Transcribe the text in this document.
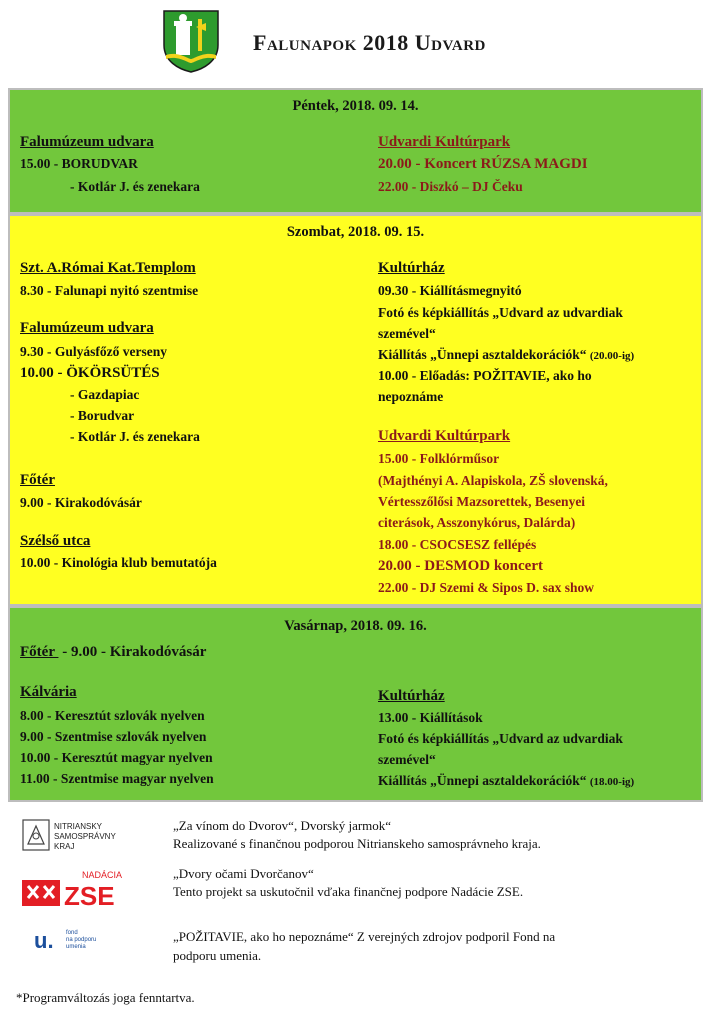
Falunapok 2018 Udvard
Péntek, 2018. 09. 14.
Falumúzeum udvara
15.00 - BORUDVAR
- Kotlár J. és zenekara
Udvardi Kultúrpark
20.00 - Koncert RÚZSA MAGDI
22.00 - Diszkó – DJ Čeku
Szombat, 2018. 09. 15.
Szt. A.Római Kat.Templom
8.30 - Falunapi nyitó szentmise
Falumúzeum udvara
9.30 - Gulyásfőző verseny
10.00 - ÖKÖRSÜTÉS
- Gazdapiac
- Borudvar
- Kotlár J. és zenekara
Főtér
9.00 - Kirakodóvásár
Szélső utca
10.00 - Kinológia klub bemutatója
Kultúrház
09.30 - Kiállításmegnyitó
Fotó és képkiállítás „Udvard az udvardiak
szemével“
Kiállítás „Ünnepi asztaldekorációk“ (20.00-ig)
10.00 - Előadás: POŽITAVIE, ako ho
nepoznáme
Udvardi Kultúrpark
15.00 - Folklórműsor
(Majthényi A. Alapiskola, ZŠ slovenská,
Vértesszőlősi Mazsorettek, Besenyei
citerások, Asszonykórus, Dalárda)
18.00 - CSOCSESZ fellépés
20.00 - DESMOD koncert
22.00 - DJ Szemi & Sipos D. sax show
Vasárnap, 2018. 09. 16.
Főtér  - 9.00 - Kirakodóvásár
Kálvária
8.00 - Keresztút szlovák nyelven
9.00 - Szentmise szlovák nyelven
10.00 - Keresztút magyar nyelven
11.00 - Szentmise magyar nyelven
Kultúrház
13.00 - Kiállítások
Fotó és képkiállítás „Udvard az udvardiak
szemével“
Kiállítás „Ünnepi asztaldekorációk“ (18.00-ig)
NITRIANSKY
SAMOSPRÁVNY
KRAJ
NADÁCIA
ZSE
u. fond
na podporu
umenia
„Za vínom do Dvorov“, Dvorský jarmok“
Realizované s finančnou podporou Nitrianskeho samosprávneho kraja.
„Dvory očami Dvorčanov“
Tento projekt sa uskutočnil vďaka finančnej podpore Nadácie ZSE.
„POŽITAVIE, ako ho nepoznáme“ Z verejných zdrojov podporil Fond na
podporu umenia.
*Programváltozás joga fenntartva.
